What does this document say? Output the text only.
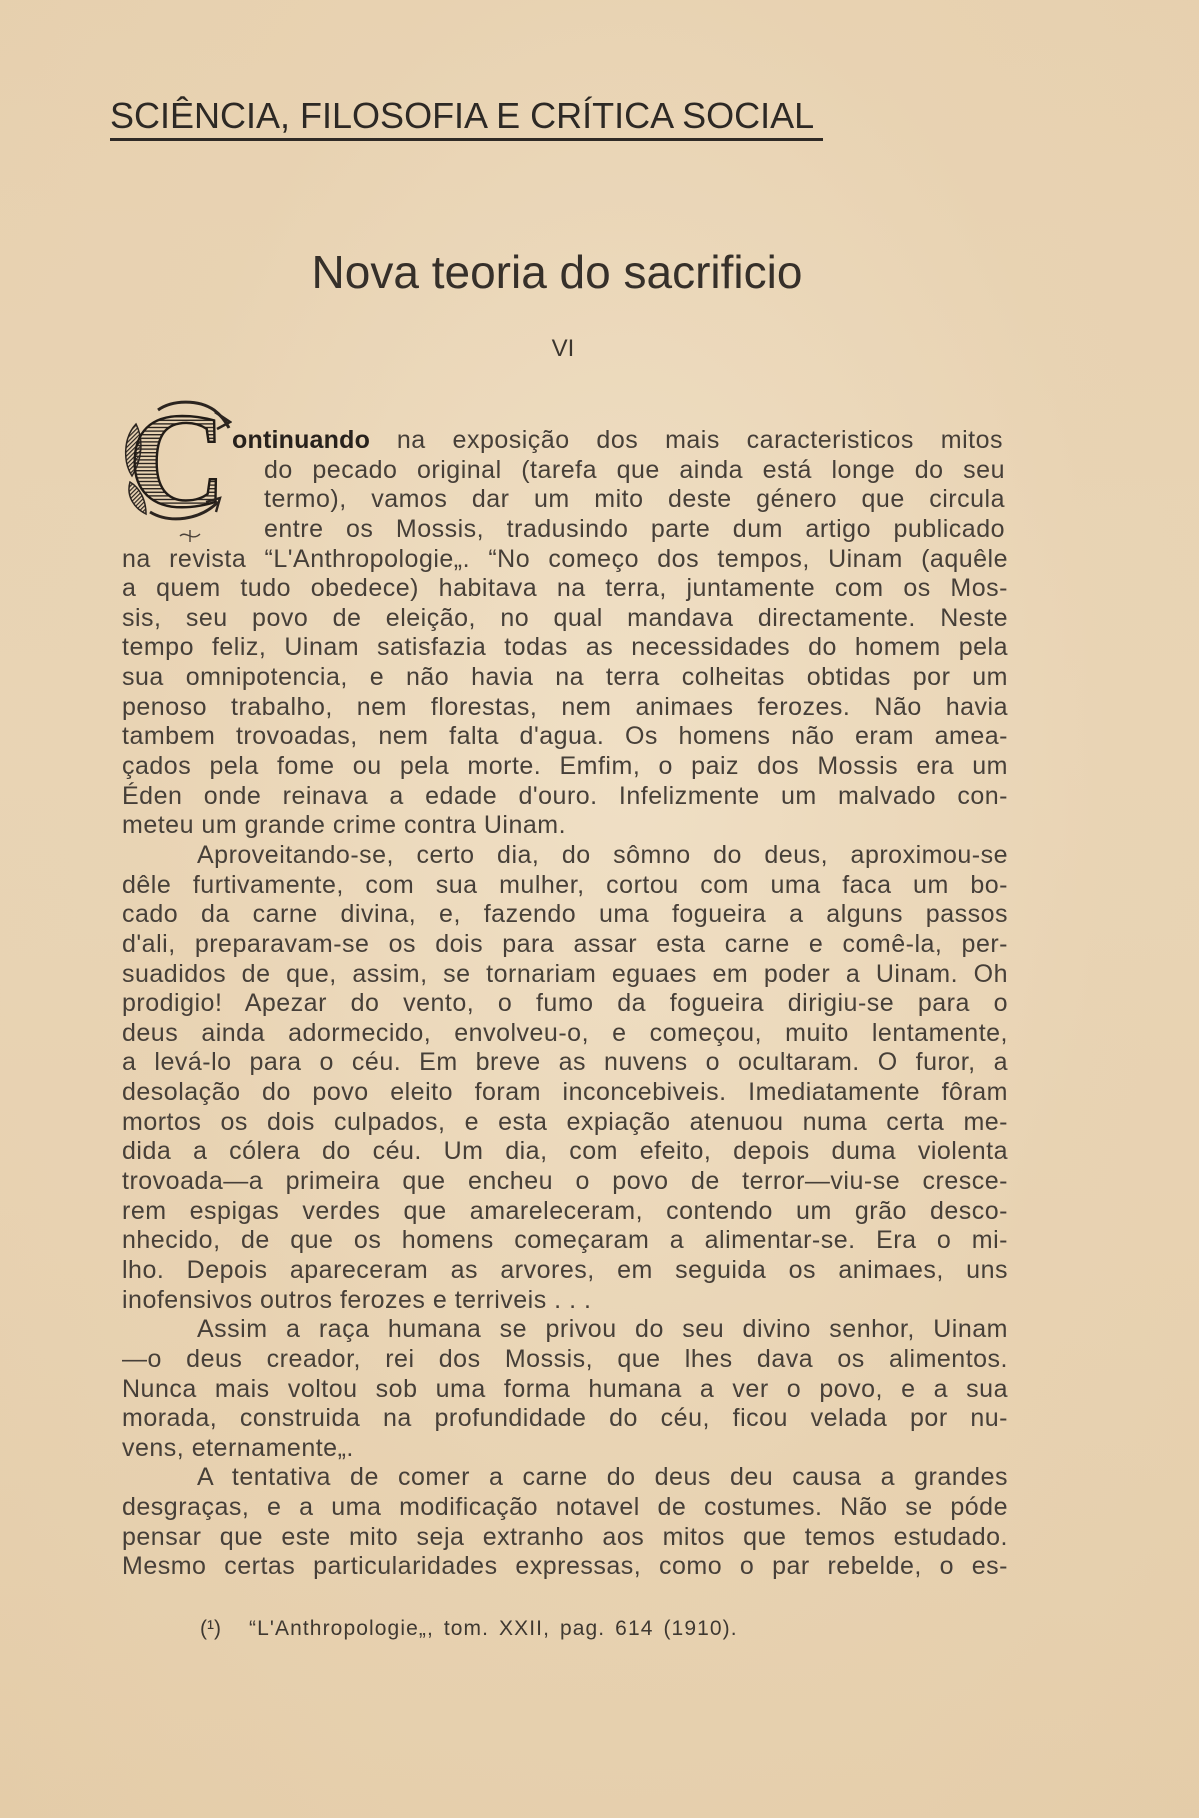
SCIÊNCIA, FILOSOFIA E CRÍTICA SOCIAL
Nova teoria do sacrificio
VI
C ontinuando na exposição dos mais caracteristicos mitos
do pecado original (tarefa que ainda está longe do seu
termo), vamos dar um mito deste género que circula
entre os Mossis, tradusindo parte dum artigo publicado
na revista “L'Anthropologie„. “No começo dos tempos, Uinam (aquêle
a quem tudo obedece) habitava na terra, juntamente com os Mos-
sis, seu povo de eleição, no qual mandava directamente. Neste
tempo feliz, Uinam satisfazia todas as necessidades do homem pela
sua omnipotencia, e não havia na terra colheitas obtidas por um
penoso trabalho, nem florestas, nem animaes ferozes. Não havia
tambem trovoadas, nem falta d'agua. Os homens não eram amea-
çados pela fome ou pela morte. Emfim, o paiz dos Mossis era um
Éden onde reinava a edade d'ouro. Infelizmente um malvado con-
meteu um grande crime contra Uinam.
Aproveitando-se, certo dia, do sômno do deus, aproximou-se
dêle furtivamente, com sua mulher, cortou com uma faca um bo-
cado da carne divina, e, fazendo uma fogueira a alguns passos
d'ali, preparavam-se os dois para assar esta carne e comê-la, per-
suadidos de que, assim, se tornariam eguaes em poder a Uinam. Oh
prodigio! Apezar do vento, o fumo da fogueira dirigiu-se para o
deus ainda adormecido, envolveu-o, e começou, muito lentamente,
a levá-lo para o céu. Em breve as nuvens o ocultaram. O furor, a
desolação do povo eleito foram inconcebiveis. Imediatamente fôram
mortos os dois culpados, e esta expiação atenuou numa certa me-
dida a cólera do céu. Um dia, com efeito, depois duma violenta
trovoada—a primeira que encheu o povo de terror—viu-se cresce-
rem espigas verdes que amareleceram, contendo um grão desco-
nhecido, de que os homens começaram a alimentar-se. Era o mi-
lho. Depois apareceram as arvores, em seguida os animaes, uns
inofensivos outros ferozes e terriveis . . .
Assim a raça humana se privou do seu divino senhor, Uinam
—o deus creador, rei dos Mossis, que lhes dava os alimentos.
Nunca mais voltou sob uma forma humana a ver o povo, e a sua
morada, construida na profundidade do céu, ficou velada por nu-
vens, eternamente„.
A tentativa de comer a carne do deus deu causa a grandes
desgraças, e a uma modificação notavel de costumes. Não se póde
pensar que este mito seja extranho aos mitos que temos estudado.
Mesmo certas particularidades expressas, como o par rebelde, o es-
(¹) “L'Anthropologie„, tom. XXII, pag. 614 (1910).
